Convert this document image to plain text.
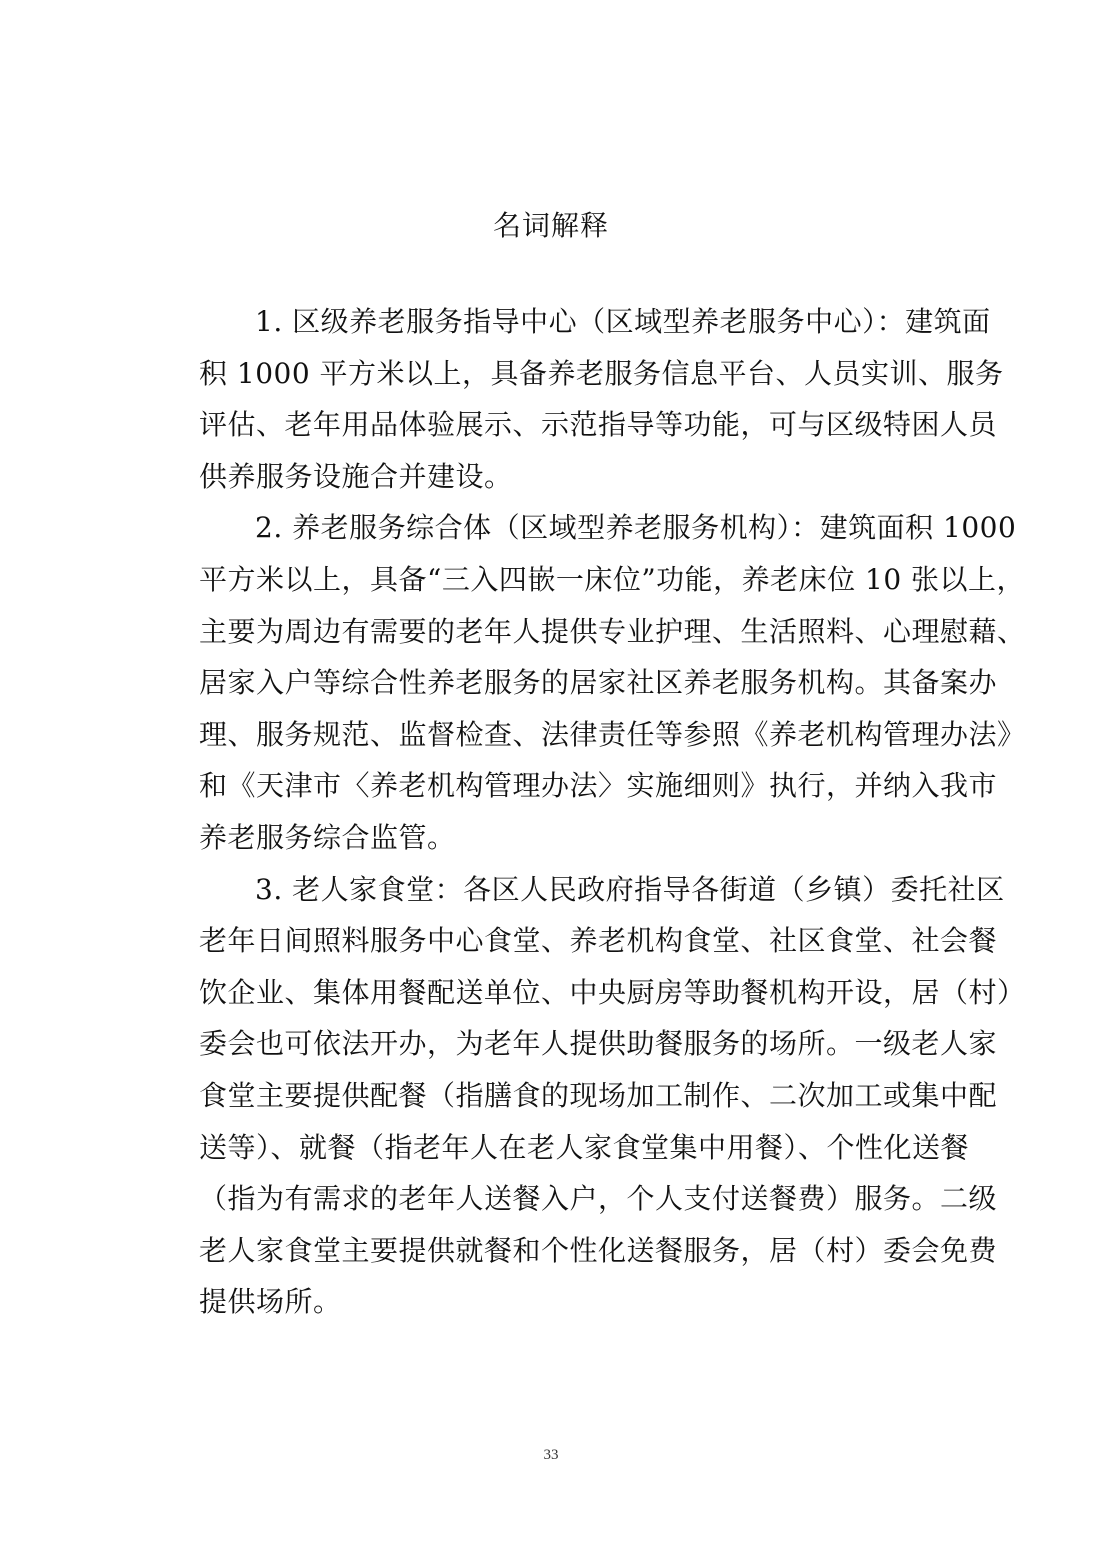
名词解释
1. 区级养老服务指导中心（区域型养老服务中心）：建筑面
积 1000 平方米以上，具备养老服务信息平台、人员实训、服务
评估、老年用品体验展示、示范指导等功能，可与区级特困人员
供养服务设施合并建设。
2. 养老服务综合体（区域型养老服务机构）：建筑面积 1000
平方米以上，具备“三入四嵌一床位”功能，养老床位 10 张以上，
主要为周边有需要的老年人提供专业护理、生活照料、心理慰藉、
居家入户等综合性养老服务的居家社区养老服务机构。其备案办
理、服务规范、监督检查、法律责任等参照《养老机构管理办法》
和《天津市〈养老机构管理办法〉实施细则》执行，并纳入我市
养老服务综合监管。
3. 老人家食堂：各区人民政府指导各街道（乡镇）委托社区
老年日间照料服务中心食堂、养老机构食堂、社区食堂、社会餐
饮企业、集体用餐配送单位、中央厨房等助餐机构开设，居（村）
委会也可依法开办，为老年人提供助餐服务的场所。一级老人家
食堂主要提供配餐（指膳食的现场加工制作、二次加工或集中配
送等）、就餐（指老年人在老人家食堂集中用餐）、个性化送餐
（指为有需求的老年人送餐入户，个人支付送餐费）服务。二级
老人家食堂主要提供就餐和个性化送餐服务，居（村）委会免费
提供场所。
33
